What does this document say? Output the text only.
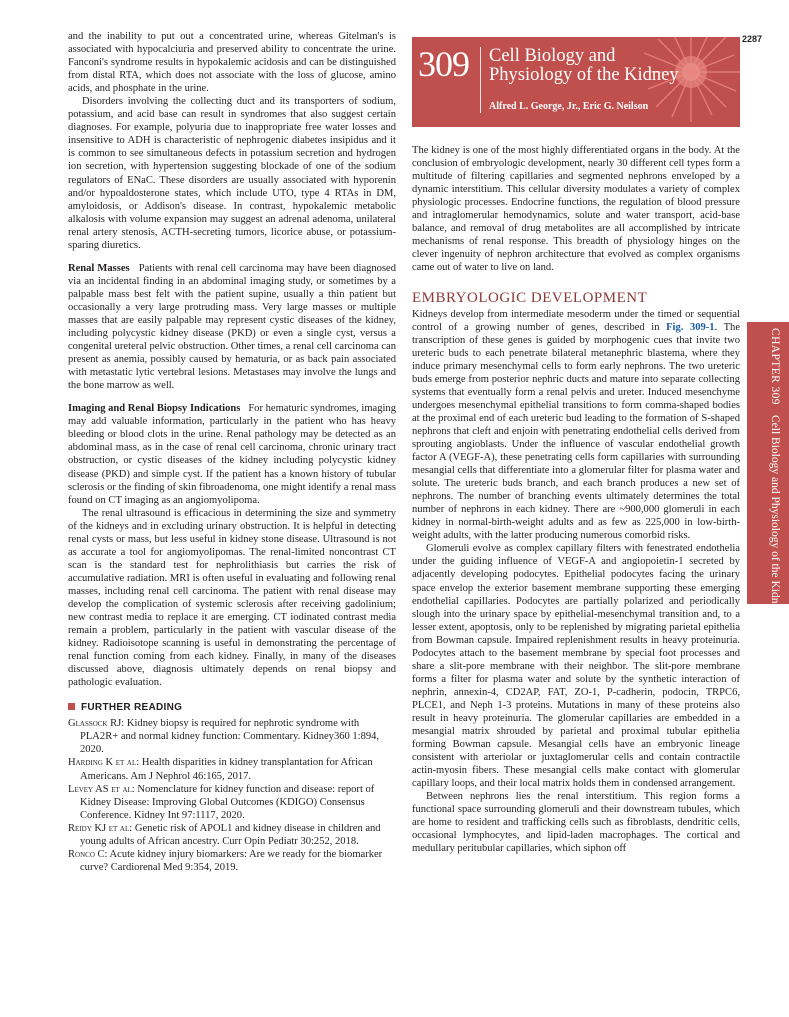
2287

and the inability to put out a concentrated urine, whereas Gitelman's is associated with hypocalciuria and preserved ability to concentrate the urine. Fanconi's syndrome results in hypokalemic acidosis and can be distinguished from distal RTA, which does not associate with the loss of glucose, amino acids, and phosphate in the urine.

Disorders involving the collecting duct and its transporters of sodium, potassium, and acid base can result in syndromes that also suggest certain diagnoses. For example, polyuria due to inappropriate free water losses and insensitive to ADH is characteristic of nephrogenic diabetes insipidus and it is common to see simultaneous defects in potassium secretion and hydrogen ion secretion, with hypertension suggesting blockade of one of the sodium regulators of ENaC. These disorders are usually associated with hyporenin and/or hypoaldosterone states, which include UTO, type 4 RTAs in DM, amyloidosis, or Addison's disease. In contrast, hypokalemic metabolic alkalosis with volume expansion may suggest an adrenal adenoma, unilateral renal artery stenosis, ACTH-secreting tumors, licorice abuse, or potassium-sparing diuretics.

Renal Masses Patients with renal cell carcinoma may have been diagnosed via an incidental finding in an abdominal imaging study, or sometimes by a palpable mass best felt with the patient supine, usually a thin patient but occasionally a very large protruding mass. Very large masses or multiple masses that are easily palpable may represent cystic diseases of the kidney, including polycystic kidney disease (PKD) or even a single cyst, versus a congenital ureteral pelvic obstruction. Other times, a renal cell carcinoma can present as anemia, possibly caused by hematuria, or as back pain associated with metastatic lytic vertebral lesions. Metastases may involve the lungs and the bone marrow as well.

Imaging and Renal Biopsy Indications For hematuric syndromes, imaging may add valuable information, particularly in the patient who has heavy bleeding or blood clots in the urine. Renal pathology may be detected as an abdominal mass, as in the case of renal cell carcinoma, chronic urinary tract obstruction, or cystic diseases of the kidney including polycystic kidney disease (PKD) and simple cyst. If the patient has a known history of tubular sclerosis or the finding of skin fibroadenoma, one might identify a renal mass found on CT imaging as an angiomyolipoma.

The renal ultrasound is efficacious in determining the size and symmetry of the kidneys and in excluding urinary obstruction. It is helpful in detecting renal cysts or mass, but less useful in kidney stone disease. Ultrasound is not as accurate a tool for angiomyolipomas. The renal-limited noncontrast CT scan is the standard test for nephrolithiasis but carries the risk of accumulative radiation. MRI is often useful in evaluating and following renal masses, including renal cell carcinoma. The patient with renal disease may develop the complication of systemic sclerosis after receiving gadolinium; new contrast media to replace it are emerging. CT iodinated contrast media remain a problem, particularly in the patient with vascular disease of the kidney. Radioisotope scanning is useful in demonstrating the percentage of renal function coming from each kidney. Finally, in many of the diseases discussed above, diagnosis ultimately depends on renal biopsy and pathologic evaluation.

FURTHER READING

Glassock RJ: Kidney biopsy is required for nephrotic syndrome with PLA2R+ and normal kidney function: Commentary. Kidney360 1:894, 2020.

Harding K et al: Health disparities in kidney transplantation for African Americans. Am J Nephrol 46:165, 2017.

Levey AS et al: Nomenclature for kidney function and disease: report of Kidney Disease: Improving Global Outcomes (KDIGO) Consensus Conference. Kidney Int 97:1117, 2020.

Reidy KJ et al: Genetic risk of APOL1 and kidney disease in children and young adults of African ancestry. Curr Opin Pediatr 30:252, 2018.

Ronco C: Acute kidney injury biomarkers: Are we ready for the biomarker curve? Cardiorenal Med 9:354, 2019.

309 Cell Biology and
Physiology of the Kidney
Alfred L. George, Jr., Eric G. Neilson

The kidney is one of the most highly differentiated organs in the body. At the conclusion of embryologic development, nearly 30 different cell types form a multitude of filtering capillaries and segmented nephrons enveloped by a dynamic interstitium. This cellular diversity modulates a variety of complex physiologic processes. Endocrine functions, the regulation of blood pressure and intraglomerular hemodynamics, solute and water transport, acid-base balance, and removal of drug metabolites are all accomplished by intricate mechanisms of renal response. This breadth of physiology hinges on the clever ingenuity of nephron architecture that evolved as complex organisms came out of water to live on land.

EMBRYOLOGIC DEVELOPMENT

Kidneys develop from intermediate mesoderm under the timed or sequential control of a growing number of genes, described in Fig. 309-1. The transcription of these genes is guided by morphogenic cues that invite two ureteric buds to each penetrate bilateral metanephric blastema, where they induce primary mesenchymal cells to form early nephrons. The two ureteric buds emerge from posterior nephric ducts and mature into separate collecting systems that eventually form a renal pelvis and ureter. Induced mesenchyme undergoes mesenchymal epithelial transitions to form comma-shaped bodies at the proximal end of each ureteric bud leading to the formation of S-shaped nephrons that cleft and enjoin with penetrating endothelial cells derived from sprouting angioblasts. Under the influence of vascular endothelial growth factor A (VEGF-A), these penetrating cells form capillaries with surrounding mesangial cells that differentiate into a glomerular filter for plasma water and solute. The ureteric buds branch, and each branch produces a new set of nephrons. The number of branching events ultimately determines the total number of nephrons in each kidney. There are ~900,000 glomeruli in each kidney in normal-birth-weight adults and as few as 225,000 in low-birth-weight adults, with the latter producing numerous comorbid risks.

Glomeruli evolve as complex capillary filters with fenestrated endothelia under the guiding influence of VEGF-A and angiopoietin-1 secreted by adjacently developing podocytes. Epithelial podocytes facing the urinary space envelop the exterior basement membrane supporting these emerging endothelial capillaries. Podocytes are partially polarized and periodically slough into the urinary space by epithelial-mesenchymal transition and, to a lesser extent, apoptosis, only to be replenished by migrating parietal epithelia from Bowman capsule. Impaired replenishment results in heavy proteinuria. Podocytes attach to the basement membrane by special foot processes and share a slit-pore membrane with their neighbor. The slit-pore membrane forms a filter for plasma water and solute by the synthetic interaction of nephrin, annexin-4, CD2AP, FAT, ZO-1, P-cadherin, podocin, TRPC6, PLCE1, and Neph 1-3 proteins. Mutations in many of these proteins also result in heavy proteinuria. The glomerular capillaries are embedded in a mesangial matrix shrouded by parietal and proximal tubular epithelia forming Bowman capsule. Mesangial cells have an embryonic lineage consistent with arteriolar or juxtaglomerular cells and contain contractile actin-myosin fibers. These mesangial cells make contact with glomerular capillary loops, and their local matrix holds them in condensed arrangement.

Between nephrons lies the renal interstitium. This region forms a functional space surrounding glomeruli and their downstream tubules, which are home to resident and trafficking cells such as fibroblasts, dendritic cells, occasional lymphocytes, and lipid-laden macrophages. The cortical and medullary peritubular capillaries, which siphon off

CHAPTER 309   Cell Biology and Physiology of the Kidney
